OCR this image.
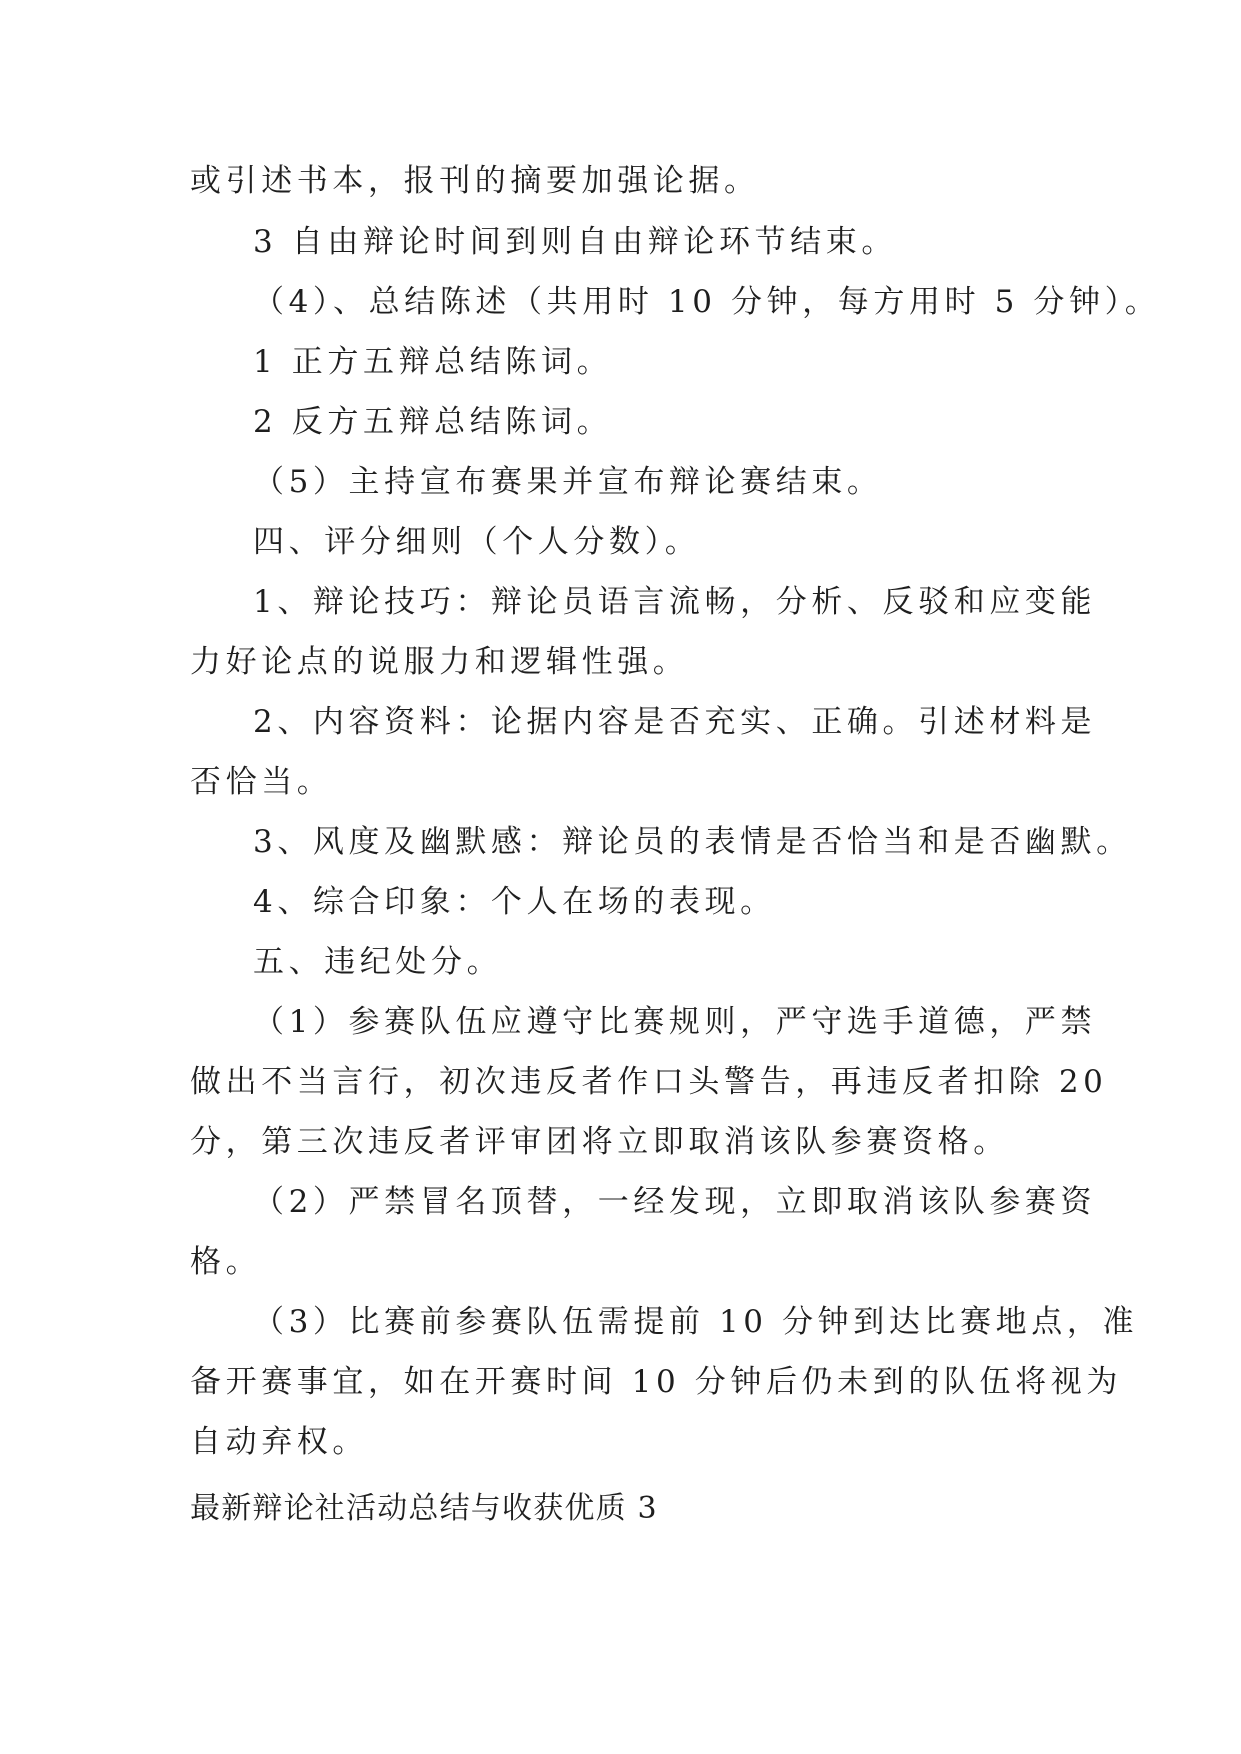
或引述书本，报刊的摘要加强论据。

3 自由辩论时间到则自由辩论环节结束。

（4）、总结陈述（共用时 10 分钟，每方用时 5 分钟）。

1 正方五辩总结陈词。

2 反方五辩总结陈词。

（5）主持宣布赛果并宣布辩论赛结束。

四、评分细则（个人分数）。

1、辩论技巧：辩论员语言流畅，分析、反驳和应变能

力好论点的说服力和逻辑性强。

2、内容资料：论据内容是否充实、正确。引述材料是

否恰当。

3、风度及幽默感：辩论员的表情是否恰当和是否幽默。

4、综合印象：个人在场的表现。

五、违纪处分。

（1）参赛队伍应遵守比赛规则，严守选手道德，严禁

做出不当言行，初次违反者作口头警告，再违反者扣除 20

分，第三次违反者评审团将立即取消该队参赛资格。

（2）严禁冒名顶替，一经发现，立即取消该队参赛资

格。

（3）比赛前参赛队伍需提前 10 分钟到达比赛地点，准

备开赛事宜，如在开赛时间 10 分钟后仍未到的队伍将视为

自动弃权。

最新辩论社活动总结与收获优质 3
